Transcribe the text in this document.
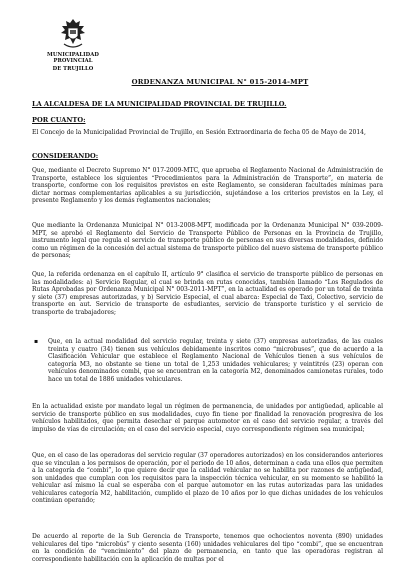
MUNICIPALIDAD PROVINCIAL
DE TRUJILLO
ORDENANZA MUNICIPAL N° 015-2014-MPT
LA ALCALDESA DE LA MUNICIPALIDAD PROVINCIAL DE TRUJILLO.
POR CUANTO:

El Concejo de la Municipalidad Provincial de Trujillo, en Sesión Extraordinaria de fecha 05 de Mayo de 2014,

CONSIDERANDO:

Que, mediante el Decreto Supremo N° 017-2009-MTC, que aprueba el Reglamento Nacional de Administración de Transporte, establece los siguientes “Procedimientos para la Administración de Transporte”, en materia de transporte, conforme con los requisitos previstos en este Reglamento, se consideran facultades mínimas para dictar normas complementarias aplicables a su jurisdicción, sujetándose a los criterios previstos en la Ley, el presente Reglamento y los demás reglamentos nacionales;

Que mediante la Ordenanza Municipal N° 013-2008-MPT, modificada por la Ordenanza Municipal N° 039-2009-MPT, se aprobó el Reglamento del Servicio de Transporte Público de Personas en la Provincia de Trujillo, instrumento legal que regula el servicio de transporte público de personas en sus diversas modalidades, definido como un régimen de la concesión del actual sistema de transporte público del nuevo sistema de transporte público de personas;

Que, la referida ordenanza en el capítulo II, artículo 9° clasifica el servicio de transporte público de personas en las modalidades: a) Servicio Regular, el cual se brinda en rutas conocidas, también llamado “Los Regulados de Rutas Aprobadas por Ordenanza Municipal N° 003-2011-MPT”, en la actualidad es operado por un total de treinta y siete (37) empresas autorizadas, y b) Servicio Especial, el cual abarca: Especial de Taxi, Colectivo, servicio de transporte en aut. Servicio de transporte de estudiantes, servicio de transporte turístico y el servicio de transporte de trabajadores;

▪ Que, en la actual modalidad del servicio regular, treinta y siete (37) empresas autorizadas, de las cuales treinta y cuatro (34) tienen sus vehículos debidamente inscritos como “microbuses”, que de acuerdo a la Clasificación Vehicular que establece el Reglamento Nacional de Vehículos tienen a sus vehículos de categoría M3, no obstante se tiene un total de 1,253 unidades vehiculares; y veintitrés (23) operan con vehículos denominados combi, que se encuentran en la categoría M2, denominados camionetas rurales, todo hace un total de 1886 unidades vehiculares.

En la actualidad existe por mandato legal un régimen de permanencia, de unidades por antigüedad, aplicable al servicio de transporte público en sus modalidades, cuyo fin tiene por finalidad la renovación progresiva de los vehículos habilitados, que permita desechar el parque automotor en el caso del servicio regular, a través del impulso de vías de circulación; en el caso del servicio especial, cuyo correspondiente régimen sea municipal;

Que, en el caso de las operadoras del servicio regular (37 operadores autorizados) en los considerandos anteriores que se vinculan a los permisos de operación, por el periodo de 10 años, determinan a cada una ellos que permiten a la categoría de “combi”, lo que quiere decir que la calidad vehicular no se habilita por razones de antigüedad, son unidades que cumplan con los requisitos para la inspección técnica vehicular, en su momento se habilitó la vehicular así mismo la cual se esperaba con el parque automotor en las rutas autorizadas para las unidades vehiculares categoría M2, habilitación, cumplido el plazo de 10 años por lo que dichas unidades de los vehículos continúan operando;

De acuerdo al reporte de la Sub Gerencia de Transporte, tenemos que ochocientos noventa (890) unidades vehiculares del tipo “microbús” y ciento sesenta (160) unidades vehiculares del tipo “combi”, que se encuentran en la condición de “vencimiento” del plazo de permanencia, en tanto que las operadoras registran al correspondiente habilitación con la aplicación de multas por el
